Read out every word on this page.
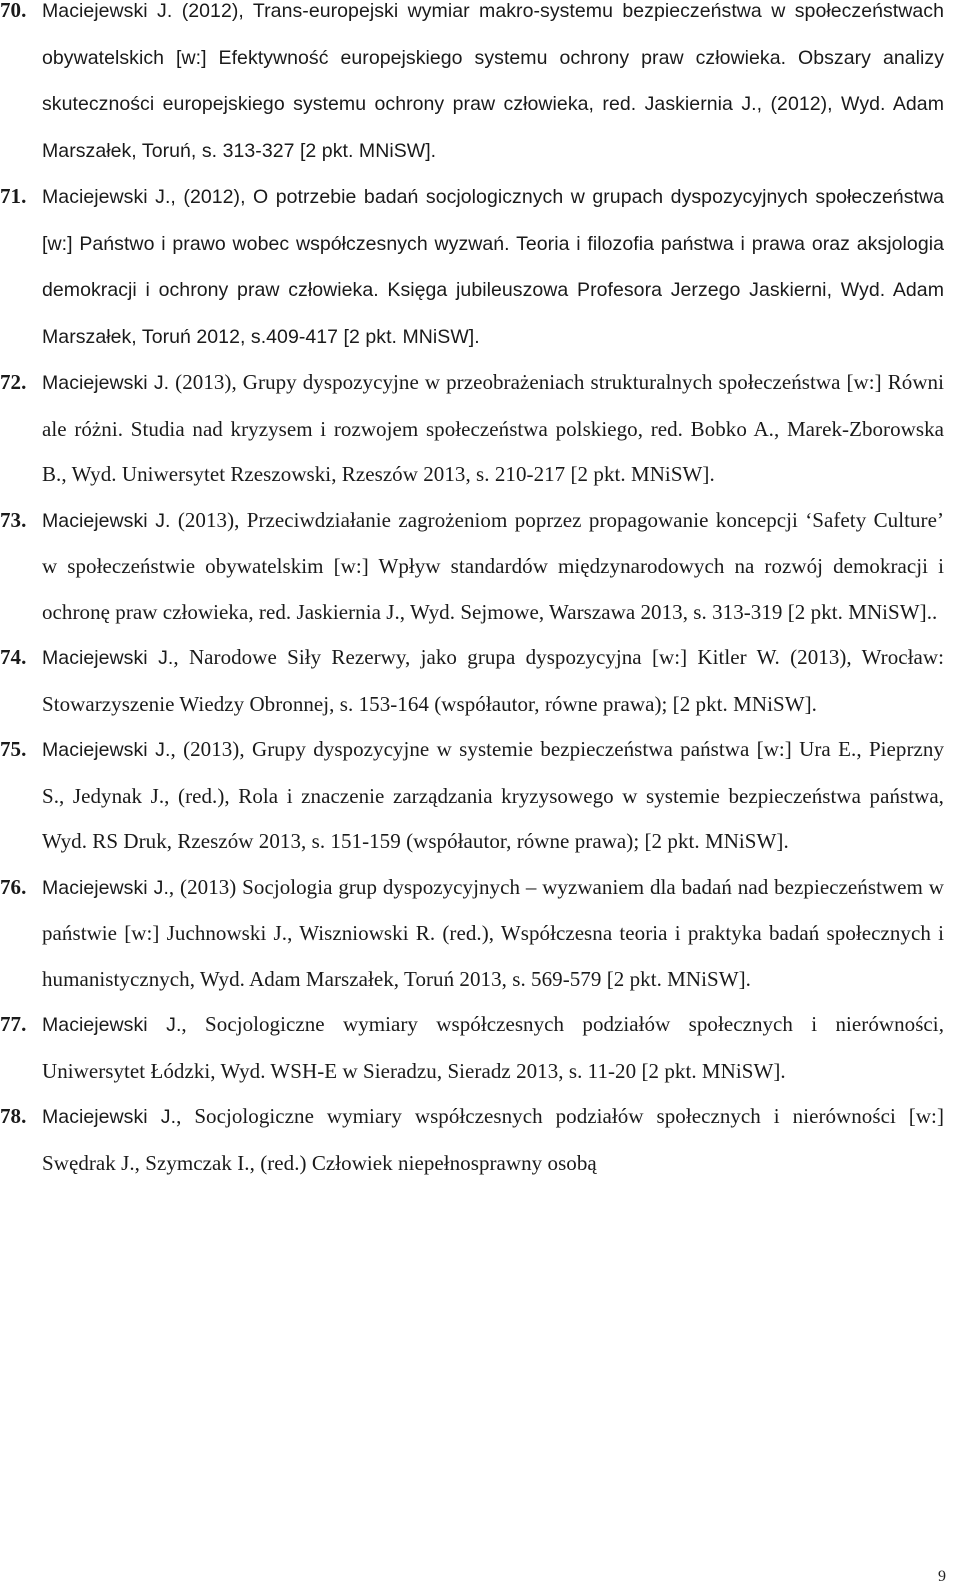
70. Maciejewski J. (2012), Trans-europejski wymiar makro-systemu bezpieczeństwa w społeczeństwach obywatelskich [w:] Efektywność europejskiego systemu ochrony praw człowieka. Obszary analizy skuteczności europejskiego systemu ochrony praw człowieka, red. Jaskiernia J., (2012), Wyd. Adam Marszałek, Toruń, s. 313-327 [2 pkt. MNiSW].

71. Maciejewski J., (2012), O potrzebie badań socjologicznych w grupach dyspozycyjnych społeczeństwa [w:] Państwo i prawo wobec współczesnych wyzwań. Teoria i filozofia państwa i prawa oraz aksjologia demokracji i ochrony praw człowieka. Księga jubileuszowa Profesora Jerzego Jaskierni, Wyd. Adam Marszałek, Toruń 2012, s.409-417 [2 pkt. MNiSW].

72. Maciejewski J. (2013), Grupy dyspozycyjne w przeobrażeniach strukturalnych społeczeństwa [w:] Równi ale różni. Studia nad kryzysem i rozwojem społeczeństwa polskiego, red. Bobko A., Marek-Zborowska B., Wyd. Uniwersytet Rzeszowski, Rzeszów 2013, s. 210-217 [2 pkt. MNiSW].

73. Maciejewski J. (2013), Przeciwdziałanie zagrożeniom poprzez propagowanie koncepcji ‘Safety Culture’ w społeczeństwie obywatelskim [w:] Wpływ standardów międzynarodowych na rozwój demokracji i ochronę praw człowieka, red. Jaskiernia J., Wyd. Sejmowe, Warszawa 2013, s. 313-319 [2 pkt. MNiSW]..

74. Maciejewski J., Narodowe Siły Rezerwy, jako grupa dyspozycyjna [w:] Kitler W. (2013), Wrocław: Stowarzyszenie Wiedzy Obronnej, s. 153-164 (współautor, równe prawa); [2 pkt. MNiSW].

75. Maciejewski J., (2013), Grupy dyspozycyjne w systemie bezpieczeństwa państwa [w:] Ura E., Pieprzny S., Jedynak J., (red.), Rola i znaczenie zarządzania kryzysowego w systemie bezpieczeństwa państwa, Wyd. RS Druk, Rzeszów 2013, s. 151-159 (współautor, równe prawa); [2 pkt. MNiSW].

76. Maciejewski J., (2013) Socjologia grup dyspozycyjnych – wyzwaniem dla badań nad bezpieczeństwem w państwie [w:] Juchnowski J., Wiszniowski R. (red.), Współczesna teoria i praktyka badań społecznych i humanistycznych, Wyd. Adam Marszałek, Toruń 2013, s. 569-579 [2 pkt. MNiSW].

77. Maciejewski J., Socjologiczne wymiary współczesnych podziałów społecznych i nierówności, Uniwersytet Łódzki, Wyd. WSH-E w Sieradzu, Sieradz 2013, s. 11-20 [2 pkt. MNiSW].

78. Maciejewski J., Socjologiczne wymiary współczesnych podziałów społecznych i nierówności [w:] Swędrak J., Szymczak I., (red.) Człowiek niepełnosprawny osobą

9
